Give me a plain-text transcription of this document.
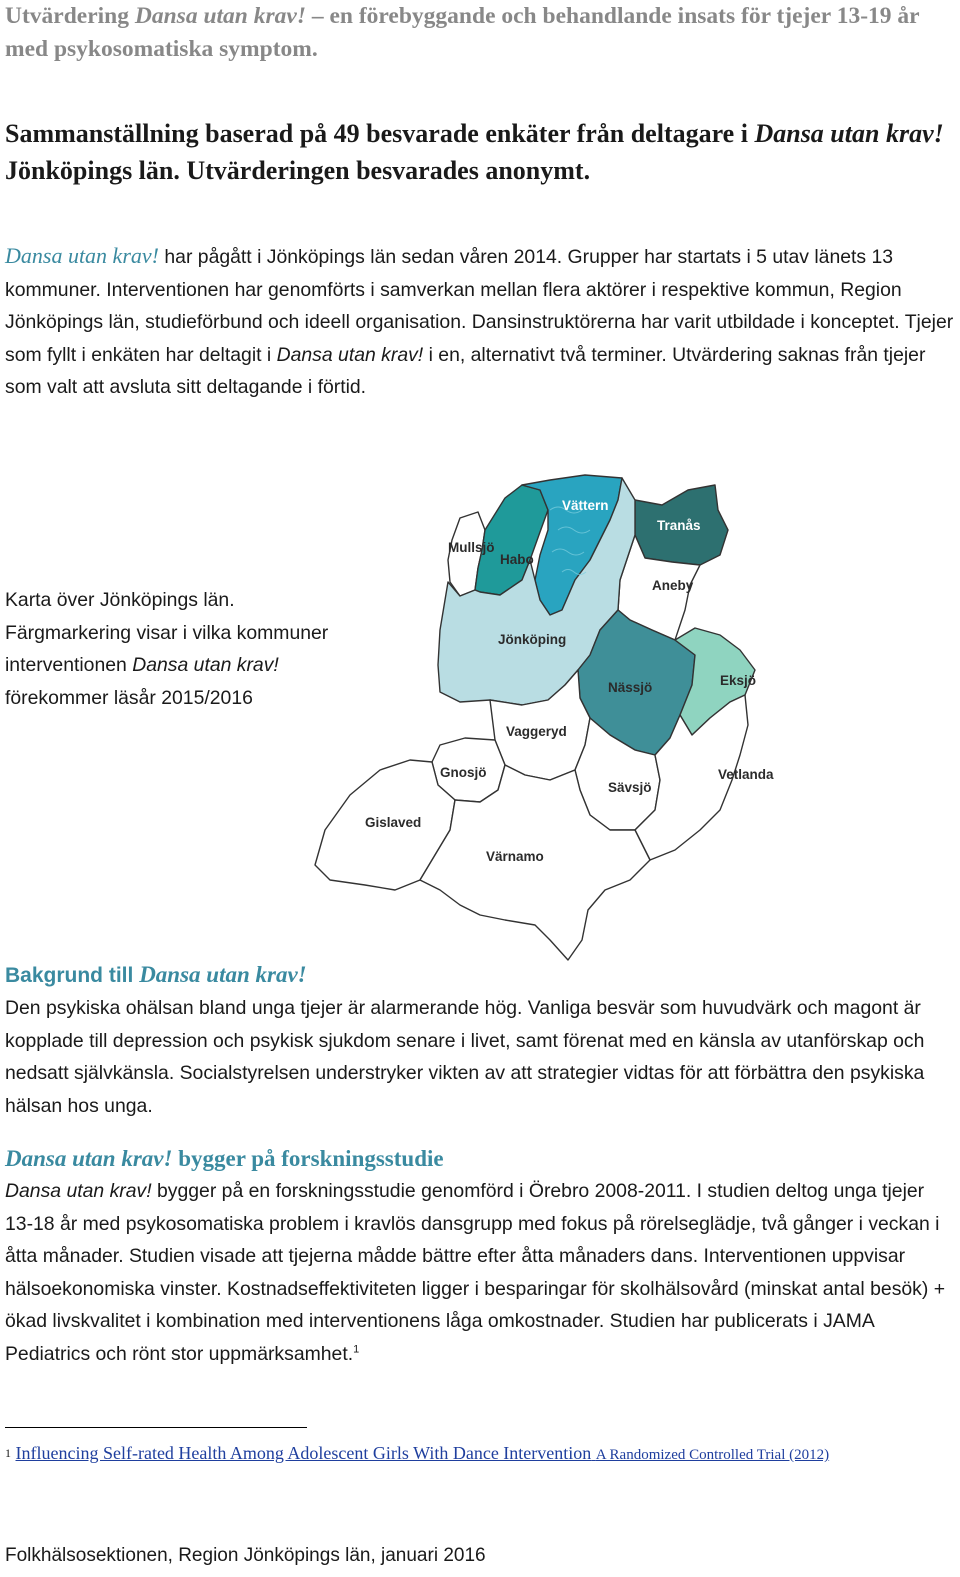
Utvärdering Dansa utan krav! – en förebyggande och behandlande insats för tjejer 13-19 år med psykosomatiska symptom.
Sammanställning baserad på 49 besvarade enkäter från deltagare i Dansa utan krav! Jönköpings län. Utvärderingen besvarades anonymt.
Dansa utan krav! har pågått i Jönköpings län sedan våren 2014. Grupper har startats i 5 utav länets 13 kommuner. Interventionen har genomförts i samverkan mellan flera aktörer i respektive kommun, Region Jönköpings län, studieförbund och ideell organisation. Dansinstruktörerna har varit utbildade i konceptet. Tjejer som fyllt i enkäten har deltagit i Dansa utan krav! i en, alternativt två terminer. Utvärdering saknas från tjejer som valt att avsluta sitt deltagande i förtid.
Karta över Jönköpings län.
Färgmarkering visar i vilka kommuner interventionen Dansa utan krav! förekommer läsår 2015/2016
Vättern
Mullsjö
Habo
Tranås
Aneby
Jönköping
Nässjö	Eksjö
Vaggeryd
Gnosjö
Sävsjö
Vetlanda
Gislaved
Värnamo
Bakgrund till Dansa utan krav!
Den psykiska ohälsan bland unga tjejer är alarmerande hög. Vanliga besvär som huvudvärk och magont är kopplade till depression och psykisk sjukdom senare i livet, samt förenat med en känsla av utanförskap och nedsatt självkänsla. Socialstyrelsen understryker vikten av att strategier vidtas för att förbättra den psykiska hälsan hos unga.
Dansa utan krav! bygger på forskningsstudie
Dansa utan krav! bygger på en forskningsstudie genomförd i Örebro 2008-2011. I studien deltog unga tjejer 13-18 år med psykosomatiska problem i kravlös dansgrupp med fokus på rörelseglädje, två gånger i veckan i åtta månader. Studien visade att tjejerna mådde bättre efter åtta månaders dans. Interventionen uppvisar hälsoekonomiska vinster. Kostnadseffektiviteten ligger i besparingar för skolhälsovård (minskat antal besök) + ökad livskvalitet i kombination med interventionens låga omkostnader. Studien har publicerats i JAMA Pediatrics och rönt stor uppmärksamhet.$^1$
$^1$ Influencing Self-rated Health Among Adolescent Girls With Dance Intervention A Randomized Controlled Trial (2012)
Folkhälsosektionen, Region Jönköpings län, januari 2016
